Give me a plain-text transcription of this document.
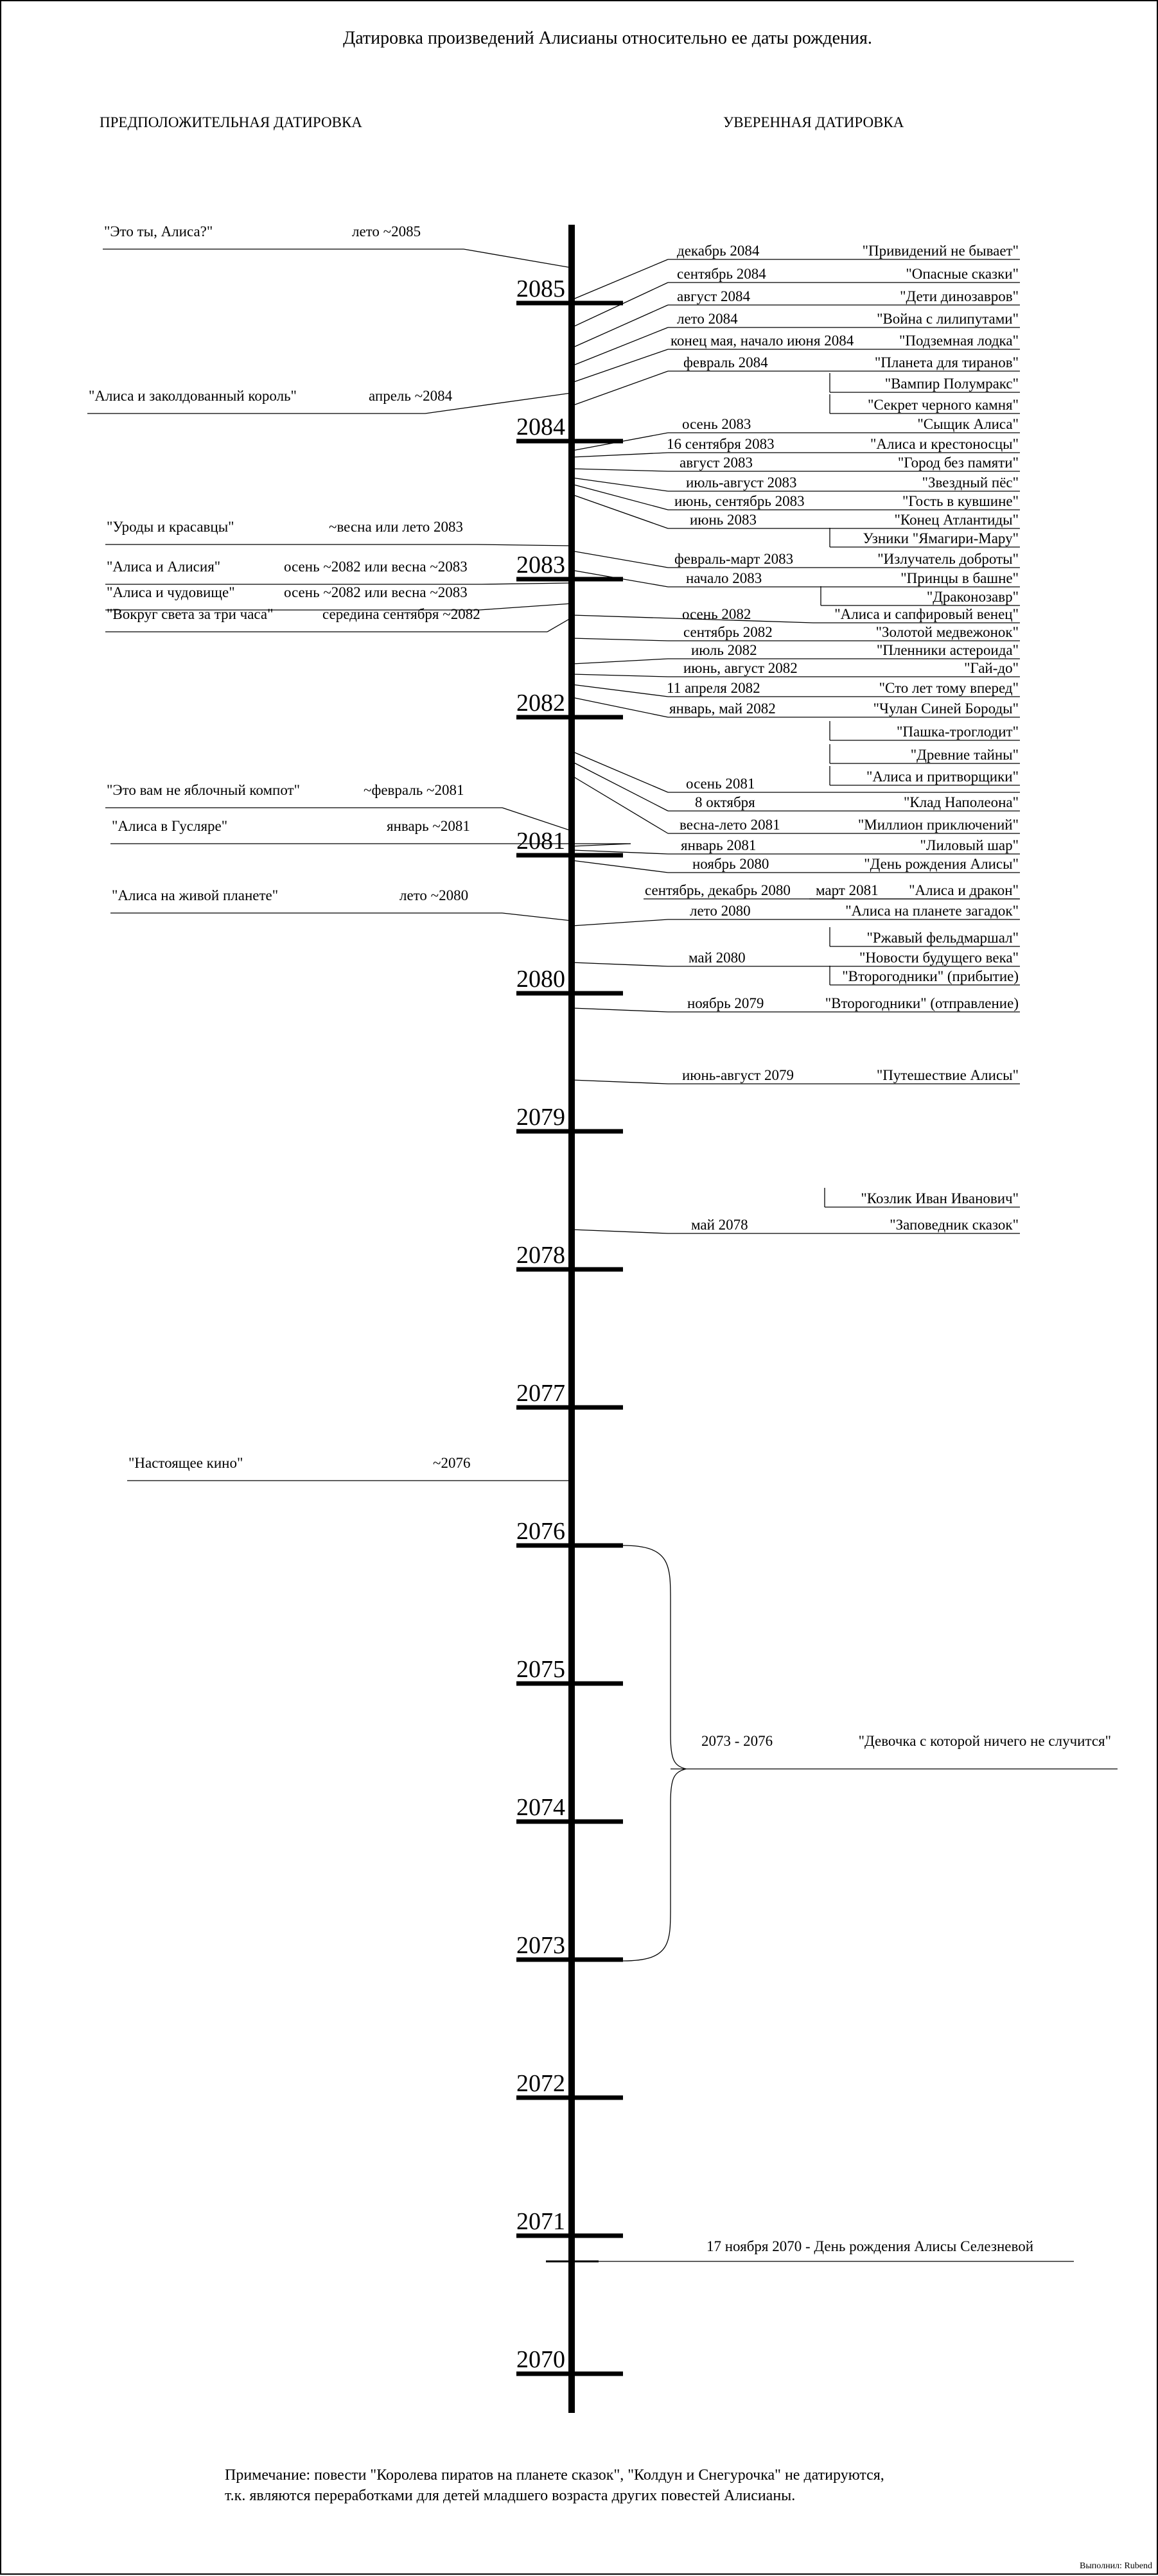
Датировка произведений Алисианы относительно ее даты рождения.
ПРЕДПОЛОЖИТЕЛЬНАЯ ДАТИРОВКА	УВЕРЕННАЯ ДАТИРОВКА
2085
2084
2083
2082
2081
2080
2079
2078
2077
2076
2075
2074
2073
2072
2071
2070
декабрь 2084	"Привидений не бывает"
сентябрь 2084	"Опасные сказки"
август 2084	"Дети динозавров"
лето 2084	"Война с лилипутами"
конец мая, начало июня 2084	"Подземная лодка"
февраль 2084	"Планета для тиранов"
"Вампир Полумракс"
"Секрет черного камня"
осень 2083	"Сыщик Алиса"
16 сентября 2083	"Алиса и крестоносцы"
август 2083	"Город без памяти"
июль-август 2083	"Звездный пёс"
июнь, сентябрь 2083	"Гость в кувшине"
июнь 2083	"Конец Атлантиды"
Узники "Ямагири-Мару"
февраль-март 2083	"Излучатель доброты"
начало 2083	"Принцы в башне"
"Драконозавр"
осень 2082	"Алиса и сапфировый венец"
сентябрь 2082	"Золотой медвежонок"
июль 2082	"Пленники астероида"
июнь, август 2082	"Гай-до"
11 апреля 2082	"Сто лет тому вперед"
январь, май 2082	"Чулан Синей Бороды"
"Пашка-троглодит"
"Древние тайны"
"Алиса и притворщики"
осень 2081
8 октября	"Клад Наполеона"
весна-лето 2081	"Миллион приключений"
январь 2081	"Лиловый шар"
ноябрь 2080	"День рождения Алисы"
сентябрь, декабрь 2080 март 2081 "Алиса и дракон"
лето 2080	"Алиса на планете загадок"
"Ржавый фельдмаршал"
май 2080	"Новости будущего века"
"Второгодники" (прибытие)
ноябрь 2079	"Второгодники" (отправление)
июнь-август 2079	"Путешествие Алисы"
"Козлик Иван Иванович"
май 2078	"Заповедник сказок"
"Это ты, Алиса?"	лето ~2085
"Алиса и заколдованный король"	апрель ~2084
"Уроды и красавцы"	~весна или лето 2083
"Алиса и Алисия"	осень ~2082 или весна ~2083
"Алиса и чудовище"	осень ~2082 или весна ~2083
"Вокруг света за три часа"	середина сентября ~2082
"Это вам не яблочный компот"	~февраль ~2081
"Алиса в Гусляре"	январь ~2081
"Алиса на живой планете"	лето ~2080
"Настоящее кино"	~2076
2073 - 2076	"Девочка с которой ничего не случится"
17 ноября 2070 - День рождения Алисы Селезневой
Примечание: повести "Королева пиратов на планете сказок", "Колдун и Снегурочка" не датируются,
т.к. являются переработками для детей младшего возраста других повестей Алисианы.
Выполнил: Rubend
